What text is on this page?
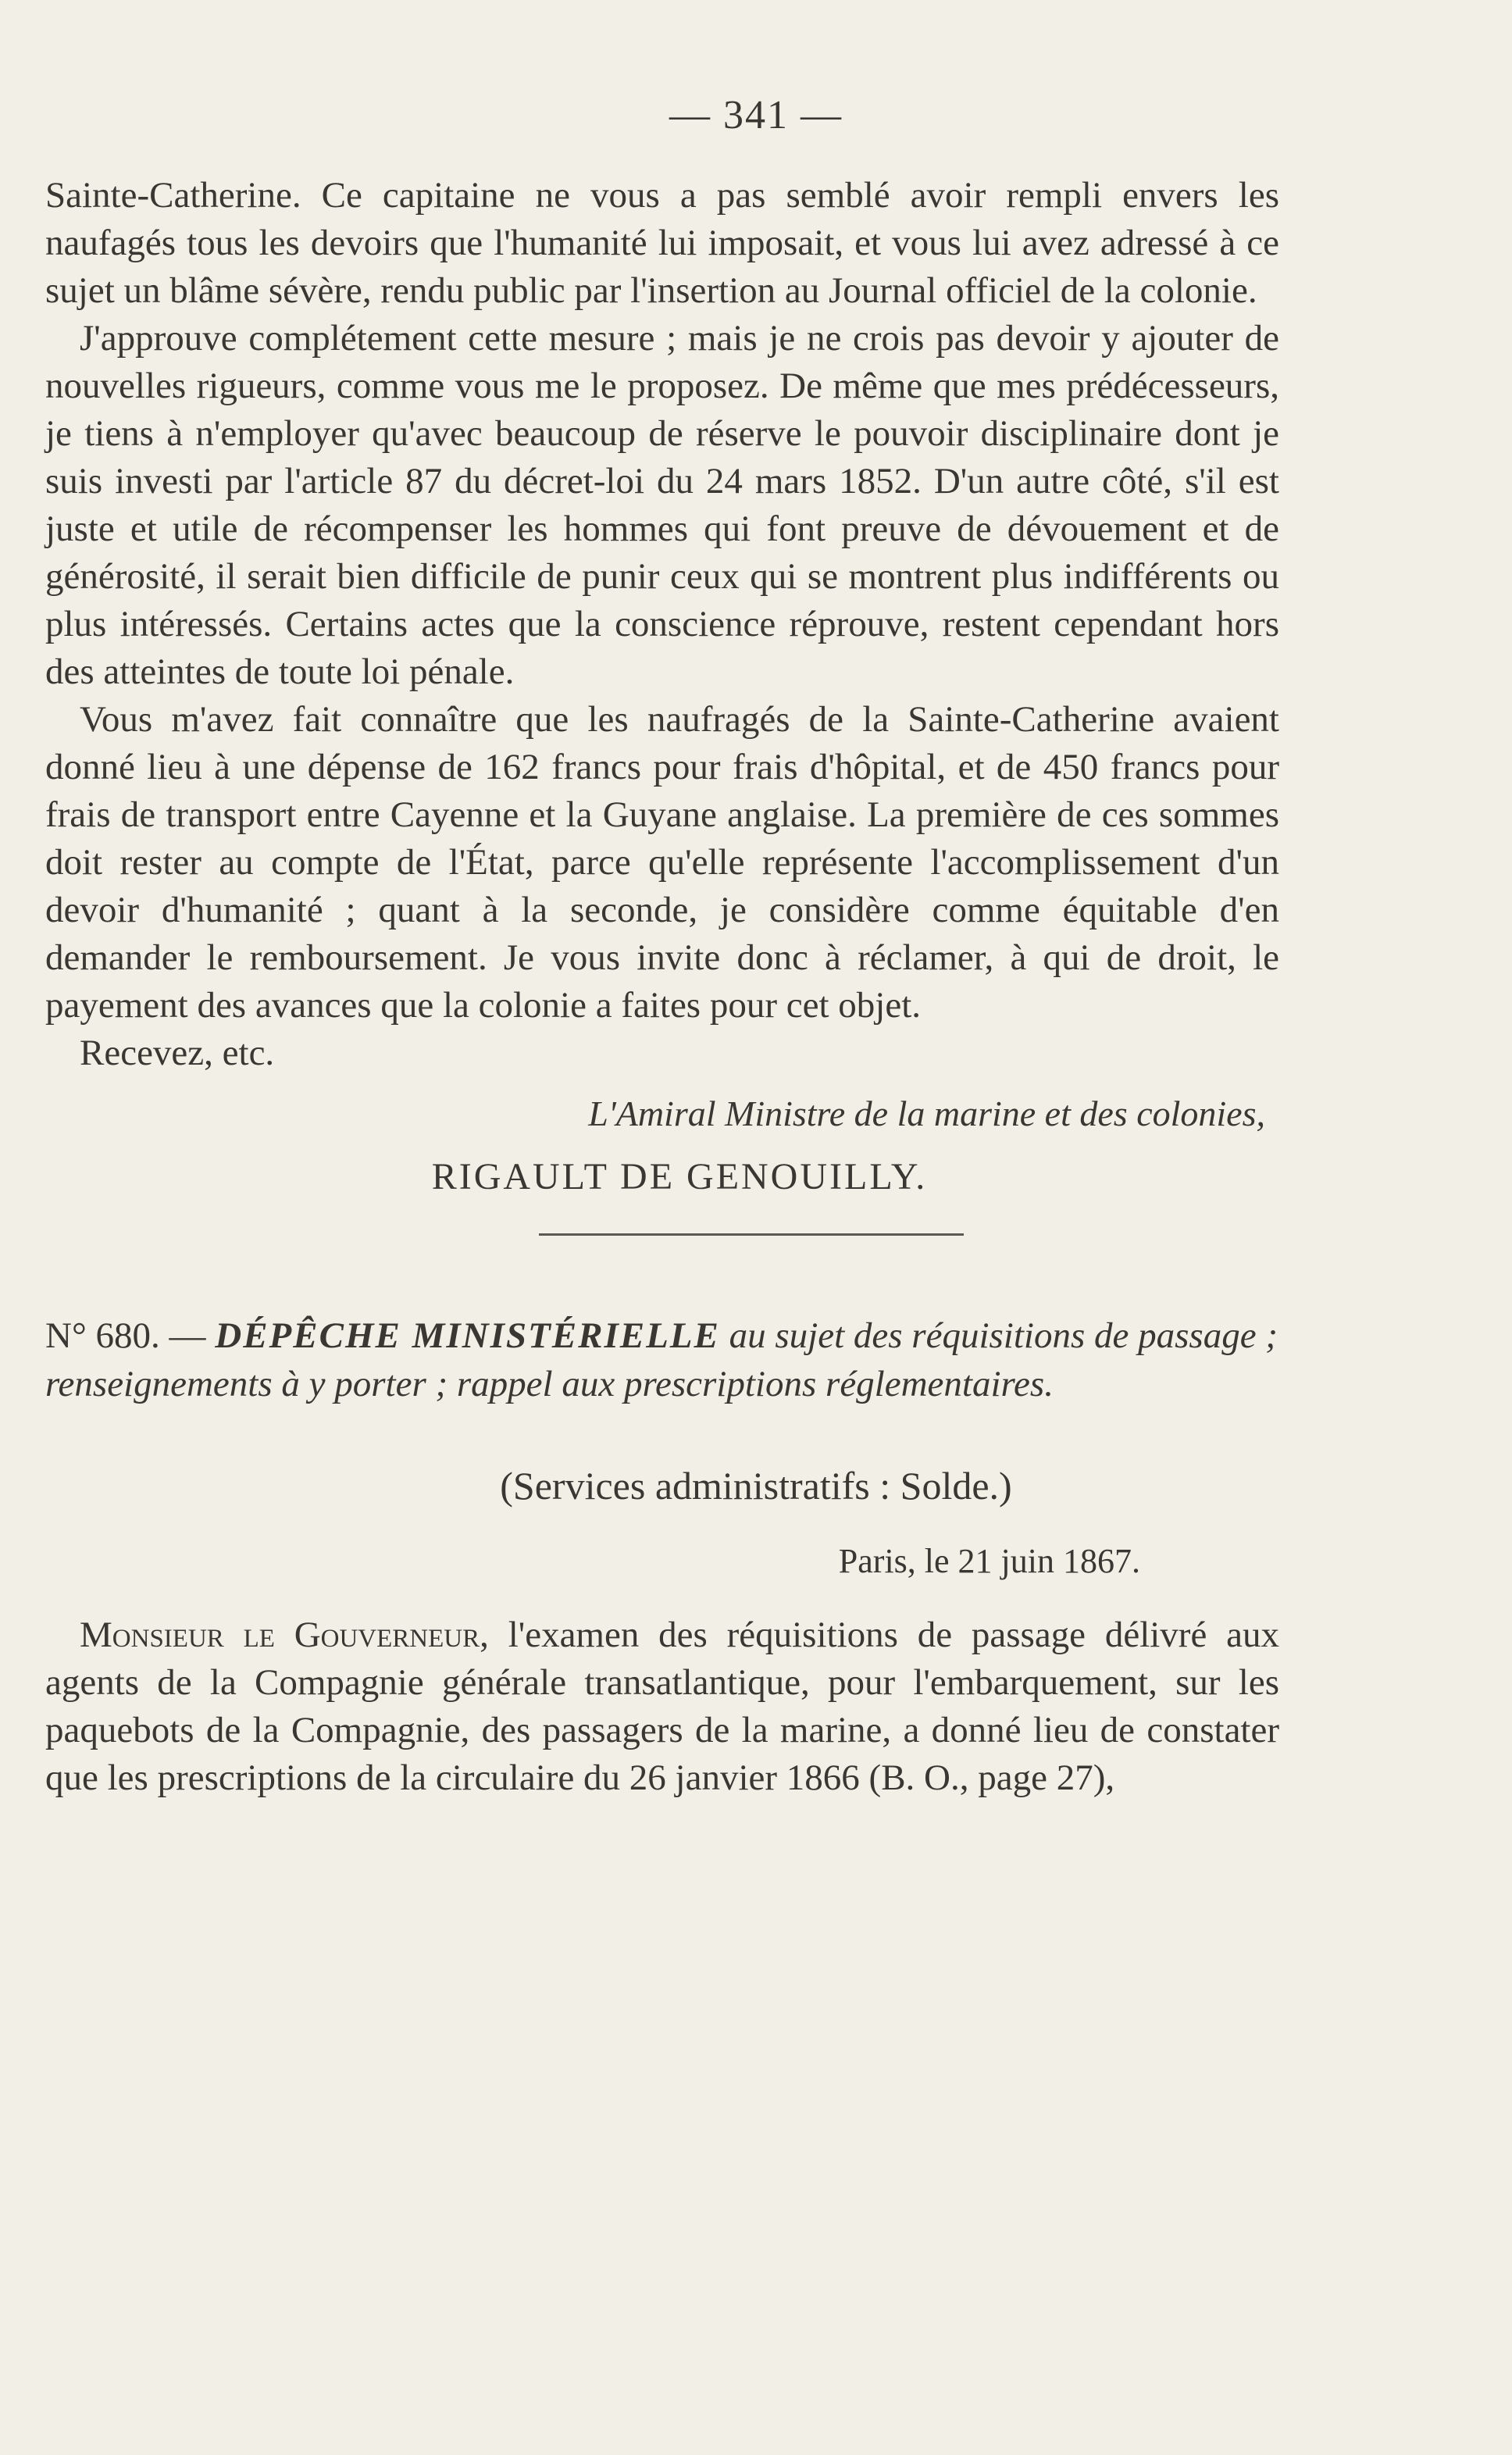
— 341 —

Sainte-Catherine. Ce capitaine ne vous a pas semblé avoir rempli envers les naufagés tous les devoirs que l'humanité lui imposait, et vous lui avez adressé à ce sujet un blâme sévère, rendu public par l'insertion au Journal officiel de la colonie.

J'approuve complétement cette mesure ; mais je ne crois pas devoir y ajouter de nouvelles rigueurs, comme vous me le proposez. De même que mes prédécesseurs, je tiens à n'employer qu'avec beaucoup de réserve le pouvoir disciplinaire dont je suis investi par l'article 87 du décret-loi du 24 mars 1852. D'un autre côté, s'il est juste et utile de récompenser les hommes qui font preuve de dévouement et de générosité, il serait bien difficile de punir ceux qui se montrent plus indifférents ou plus intéressés. Certains actes que la conscience réprouve, restent cependant hors des atteintes de toute loi pénale.

Vous m'avez fait connaître que les naufragés de la Sainte-Catherine avaient donné lieu à une dépense de 162 francs pour frais d'hôpital, et de 450 francs pour frais de transport entre Cayenne et la Guyane anglaise. La première de ces sommes doit rester au compte de l'État, parce qu'elle représente l'accomplissement d'un devoir d'humanité ; quant à la seconde, je considère comme équitable d'en demander le remboursement. Je vous invite donc à réclamer, à qui de droit, le payement des avances que la colonie a faites pour cet objet.

Recevez, etc.

L'Amiral Ministre de la marine et des colonies,
RIGAULT DE GENOUILLY.
N° 680. — DÉPÊCHE MINISTÉRIELLE au sujet des réquisitions de passage ; renseignements à y porter ; rappel aux prescriptions réglementaires.
(Services administratifs : Solde.)
Paris, le 21 juin 1867.

Monsieur le Gouverneur, l'examen des réquisitions de passage délivré aux agents de la Compagnie générale transatlantique, pour l'embarquement, sur les paquebots de la Compagnie, des passagers de la marine, a donné lieu de constater que les prescriptions de la circulaire du 26 janvier 1866 (B. O., page 27),
